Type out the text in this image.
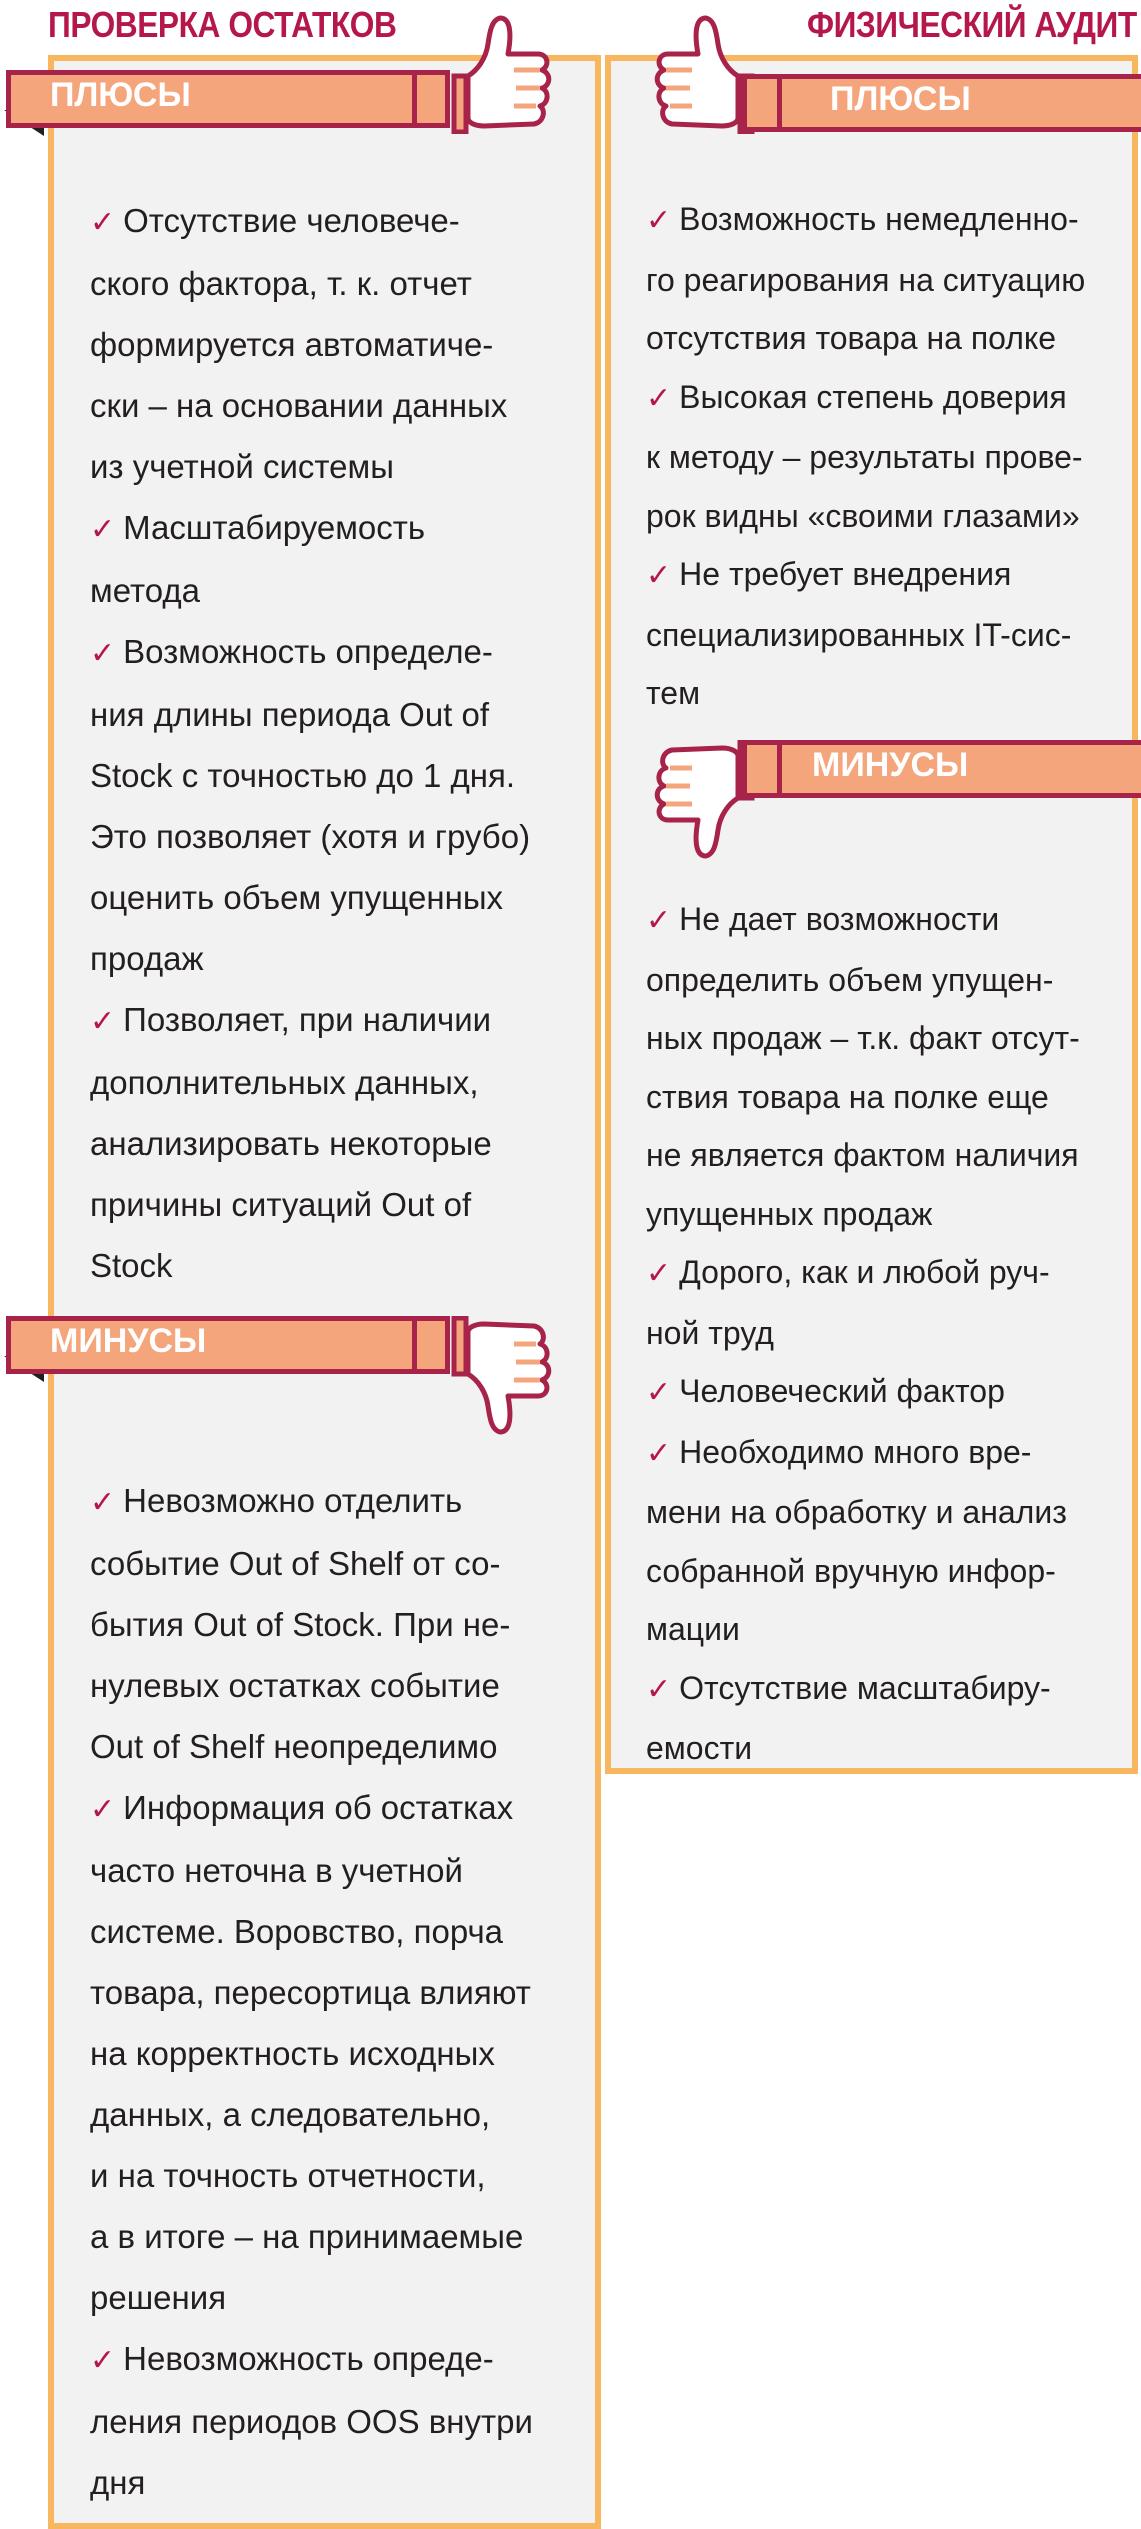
ПРОВЕРКА ОСТАТКОВ	ФИЗИЧЕСКИЙ АУДИТ
ПЛЮСЫ
✓ Отсутствие человече-
ского фактора, т. к. отчет
формируется автоматиче-
ски – на основании данных
из учетной системы
✓ Масштабируемость
метода
✓ Возможность определе-
ния длины периода Out of
Stock с точностью до 1 дня.
Это позволяет (хотя и грубо)
оценить объем упущенных
продаж
✓ Позволяет, при наличии
дополнительных данных,
анализировать некоторые
причины ситуаций Out of
Stock
МИНУСЫ
✓ Невозможно отделить
событие Out of Shelf от со-
бытия Out of Stock. При не-
нулевых остатках событие
Out of Shelf неопределимо
✓ Информация об остатках
часто неточна в учетной
системе. Воровство, порча
товара, пересортица влияют
на корректность исходных
данных, а следовательно,
и на точность отчетности,
а в итоге – на принимаемые
решения
✓ Невозможность опреде-
ления периодов OOS внутри
дня
ПЛЮСЫ
✓ Возможность немедленно-
го реагирования на ситуацию
отсутствия товара на полке
✓ Высокая степень доверия
к методу – результаты прове-
рок видны «своими глазами»
✓ Не требует внедрения
специализированных IT-сис-
тем
МИНУСЫ
✓ Не дает возможности
определить объем упущен-
ных продаж – т.к. факт отсут-
ствия товара на полке еще
не является фактом наличия
упущенных продаж
✓ Дорого, как и любой руч-
ной труд
✓ Человеческий фактор
✓ Необходимо много вре-
мени на обработку и анализ
собранной вручную инфор-
мации
✓ Отсутствие масштабиру-
емости
